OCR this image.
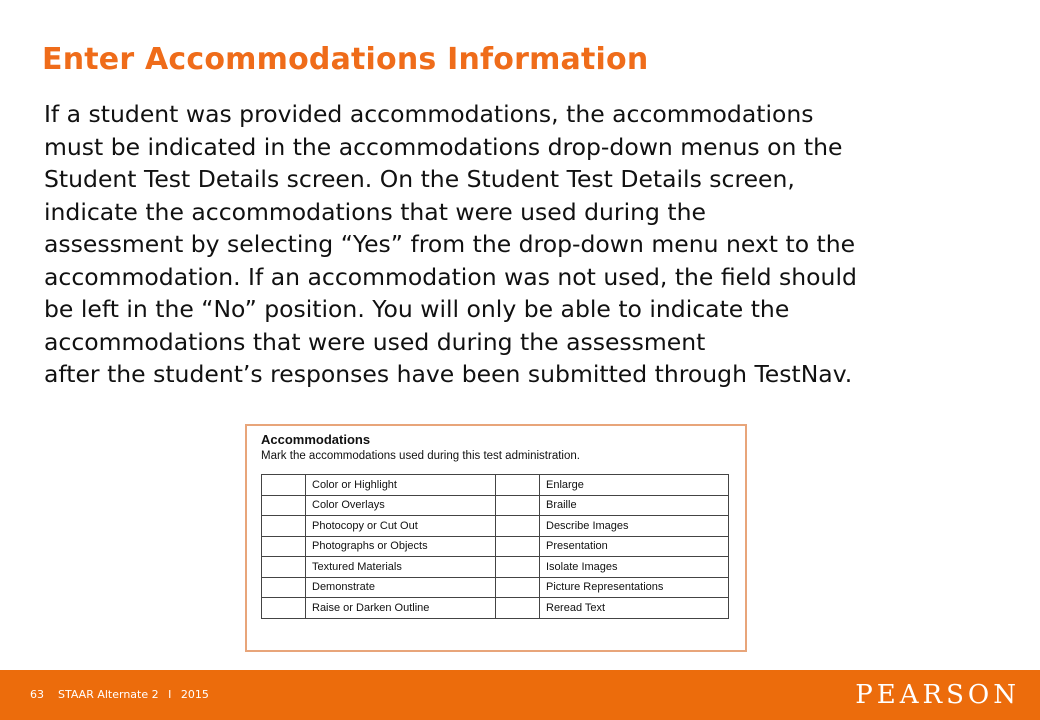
Enter Accommodations Information
If a student was provided accommodations, the accommodations
must be indicated in the accommodations drop-down menus on the
Student Test Details screen. On the Student Test Details screen,
indicate the accommodations that were used during the
assessment by selecting “Yes” from the drop-down menu next to the
accommodation. If an accommodation was not used, the field should
be left in the “No” position. You will only be able to indicate the
accommodations that were used during the assessment
after the student’s responses have been submitted through TestNav.
Accommodations
Mark the accommodations used during this test administration.
	Color or Highlight		Enlarge
	Color Overlays		Braille
	Photocopy or Cut Out		Describe Images
	Photographs or Objects		Presentation
	Textured Materials		Isolate Images
	Demonstrate		Picture Representations
	Raise or Darken Outline		Reread Text
63 STAAR Alternate 2 I 2015	PEARSON
